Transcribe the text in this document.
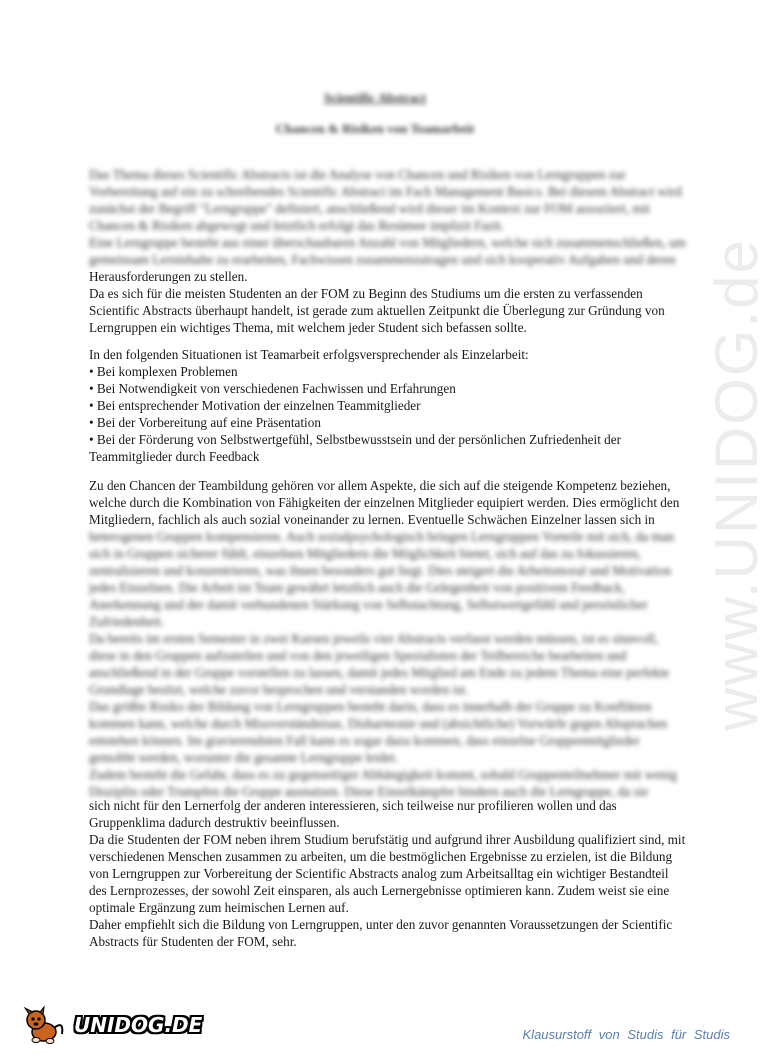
Scientific Abstract
Chancen & Risiken von Teamarbeit
Das Thema dieses Scientific Abstracts ist die Analyse von Chancen und Risiken von Lerngruppen zur
Vorbereitung auf ein zu schreibendes Scientific Abstract im Fach Management Basics. Bei diesem Abstract wird
zunächst der Begriff "Lerngruppe" definiert, anschließend wird dieser im Kontext zur FOM assoziiert, mit
Chancen & Risiken abgewogt und letztlich erfolgt das Resümee implizit Fazit.
Eine Lerngruppe besteht aus einer überschaubaren Anzahl von Mitgliedern, welche sich zusammenschließen, um
gemeinsam Lerninhalte zu erarbeiten, Fachwissen zusammenzutragen und sich kooperativ Aufgaben und deren
Herausforderungen zu stellen.
Da es sich für die meisten Studenten an der FOM zu Beginn des Studiums um die ersten zu verfassenden
Scientific Abstracts überhaupt handelt, ist gerade zum aktuellen Zeitpunkt die Überlegung zur Gründung von
Lerngruppen ein wichtiges Thema, mit welchem jeder Student sich befassen sollte.
In den folgenden Situationen ist Teamarbeit erfolgsversprechender als Einzelarbeit:
• Bei komplexen Problemen
• Bei Notwendigkeit von verschiedenen Fachwissen und Erfahrungen
• Bei entsprechender Motivation der einzelnen Teammitglieder
• Bei der Vorbereitung auf eine Präsentation
• Bei der Förderung von Selbstwertgefühl, Selbstbewusstsein und der persönlichen Zufriedenheit der
Teammitglieder durch Feedback
Zu den Chancen der Teambildung gehören vor allem Aspekte, die sich auf die steigende Kompetenz beziehen,
welche durch die Kombination von Fähigkeiten der einzelnen Mitglieder equipiert werden. Dies ermöglicht den
Mitgliedern, fachlich als auch sozial voneinander zu lernen. Eventuelle Schwächen Einzelner lassen sich in
heterogenen Gruppen kompensieren. Auch sozialpsychologisch bringen Lerngruppen Vorteile mit sich, da man
sich in Gruppen sicherer fühlt, einzelnen Mitgliedern die Möglichkeit bietet, sich auf das zu fokussieren,
zentralisieren und konzentrieren, was ihnen besonders gut liegt. Dies steigert die Arbeitsmoral und Motivation
jedes Einzelnen. Die Arbeit im Team gewährt letztlich auch die Gelegenheit von positivem Feedback,
Anerkennung und der damit verbundenen Stärkung von Selbstachtung, Selbstwertgefühl und persönlicher
Zufriedenheit.
Da bereits im ersten Semester in zwei Kursen jeweils vier Abstracts verfasst werden müssen, ist es sinnvoll,
diese in den Gruppen aufzuteilen und von den jeweiligen Spezialisten der Teilbereiche bearbeiten und
anschließend in der Gruppe vorstellen zu lassen, damit jedes Mitglied am Ende zu jedem Thema eine perfekte
Grundlage besitzt, welche zuvor besprochen und verstanden worden ist.
Das größte Risiko der Bildung von Lerngruppen besteht darin, dass es innerhalb der Gruppe zu Konflikten
kommen kann, welche durch Missverständnisse, Disharmonie und (absichtliche) Vorwürfe gegen Absprachen
entstehen können. Im gravierendsten Fall kann es sogar dazu kommen, dass einzelne Gruppenmitglieder
gemobbt werden, worunter die gesamte Lerngruppe leidet.
Zudem besteht die Gefahr, dass es zu gegenseitiger Abhängigkeit kommt, sobald Gruppenteilnehmer mit wenig
Disziplin oder Trumpfen die Gruppe ausnutzen. Diese Einzelkämpfer hindern auch die Lerngruppe, da sie
sich nicht für den Lernerfolg der anderen interessieren, sich teilweise nur profilieren wollen und das
Gruppenklima dadurch destruktiv beeinflussen.
Da die Studenten der FOM neben ihrem Studium berufstätig und aufgrund ihrer Ausbildung qualifiziert sind, mit
verschiedenen Menschen zusammen zu arbeiten, um die bestmöglichen Ergebnisse zu erzielen, ist die Bildung
von Lerngruppen zur Vorbereitung der Scientific Abstracts analog zum Arbeitsalltag ein wichtiger Bestandteil
des Lernprozesses, der sowohl Zeit einsparen, als auch Lernergebnisse optimieren kann. Zudem weist sie eine
optimale Ergänzung zum heimischen Lernen auf.
Daher empfiehlt sich die Bildung von Lerngruppen, unter den zuvor genannten Voraussetzungen der Scientific
Abstracts für Studenten der FOM, sehr.
www.UNIDOG.de
UNIDOG.DE	Klausurstoff von Studis für Studis
